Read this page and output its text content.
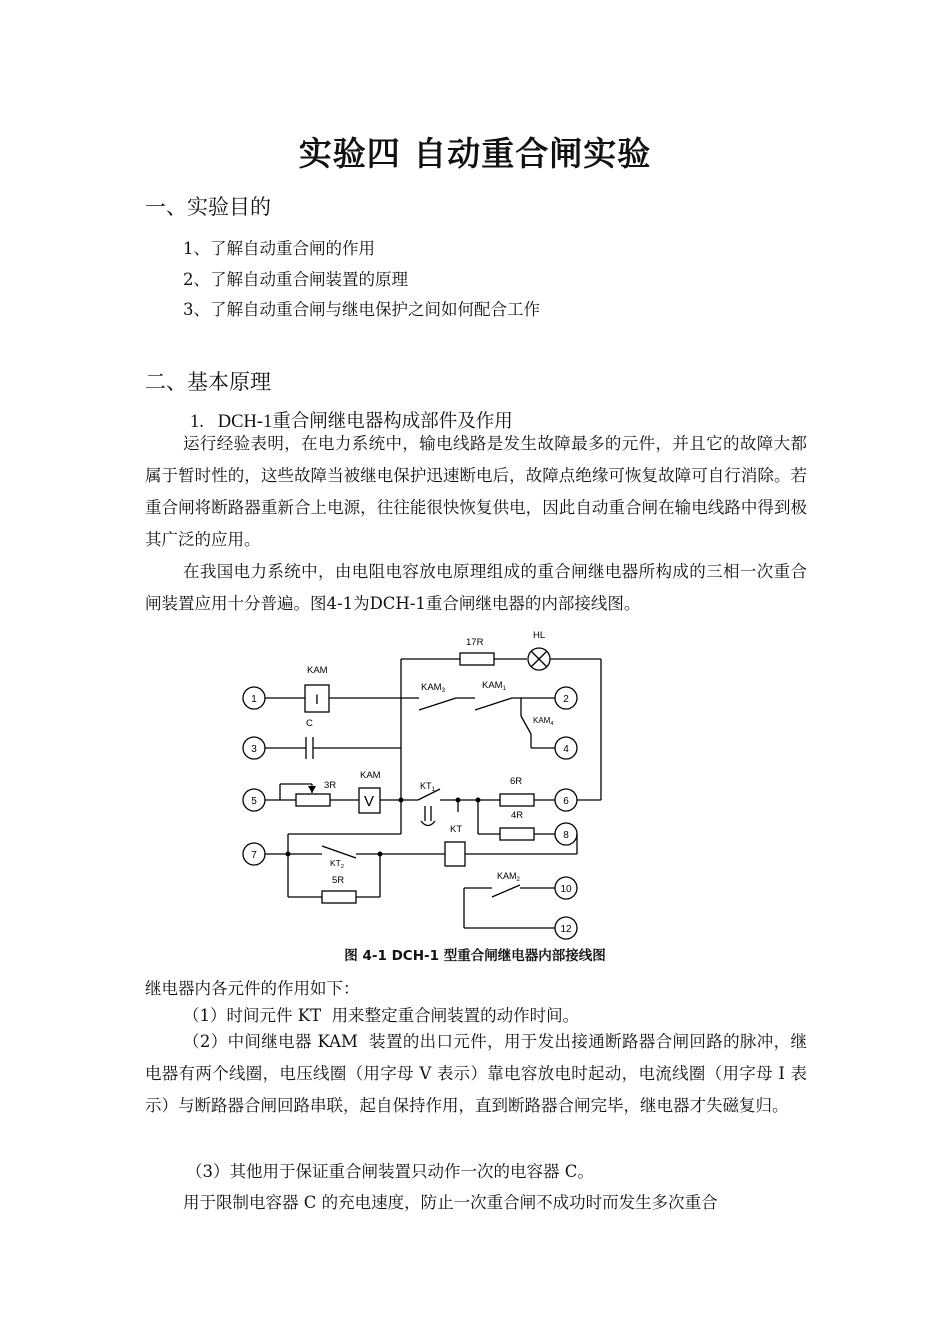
实验四 自动重合闸实验
一、实验目的
1、了解自动重合闸的作用
2、了解自动重合闸装置的原理
3、了解自动重合闸与继电保护之间如何配合工作
二、基本原理
1.   DCH-1重合闸继电器构成部件及作用

运行经验表明，在电力系统中，输电线路是发生故障最多的元件，并且它的故障大都属于暂时性的，这些故障当被继电保护迅速断电后，故障点绝缘可恢复故障可自行消除。若重合闸将断路器重新合上电源，往往能很快恢复供电，因此自动重合闸在输电线路中得到极其广泛的应用。

在我国电力系统中，由电阻电容放电原理组成的重合闸继电器所构成的三相一次重合闸装置应用十分普遍。图4-1为DCH-1重合闸继电器的内部接线图。

1	2
3	4
5	6
7
8
10
12
17R
HL
KAM
I
C
$KAM_3$	$KAM_1$
$KAM_4$
3R
KAM
V
$KT_1$
6R
4R
KT
$KT_2$
5R	$KAM_2$
图 4-1 DCH-1 型重合闸继电器内部接线图
继电器内各元件的作用如下：
（1）时间元件 KT  用来整定重合闸装置的动作时间。

（2）中间继电器 KAM  装置的出口元件，用于发出接通断路器合闸回路的脉冲，继电器有两个线圈，电压线圈（用字母 V 表示）靠电容放电时起动，电流线圈（用字母 I 表示）与断路器合闸回路串联，起自保持作用，直到断路器合闸完毕，继电器才失磁复归。

（3）其他用于保证重合闸装置只动作一次的电容器 C。
用于限制电容器 C 的充电速度，防止一次重合闸不成功时而发生多次重合
